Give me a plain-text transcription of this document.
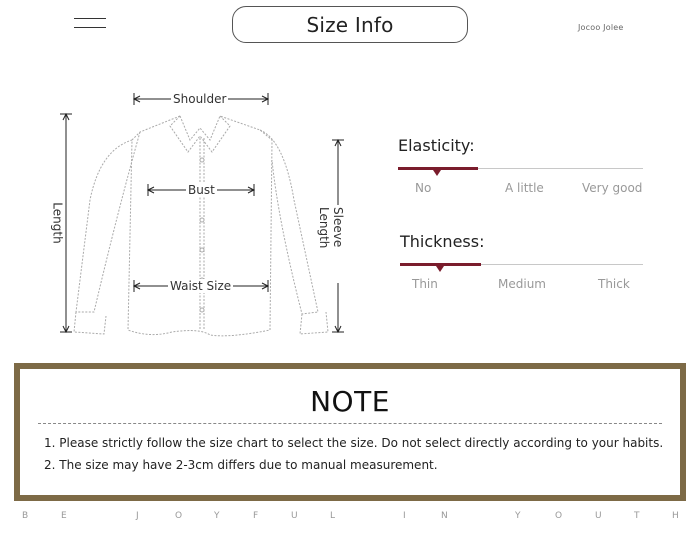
Size Info	Jocoo Jolee
Shoulder
Bust
Waist Size
Length	Sleeve Length
Elasticity:
No	A little	Very good
Thickness:
Thin	Medium	Thick
NOTE
1. Please strictly follow the size chart to select the size. Do not select directly according to your habits.
2. The size may have 2-3cm differs due to manual measurement.
B	E	J	O	Y	F	U	L	I	N	Y	O	U	T	H
